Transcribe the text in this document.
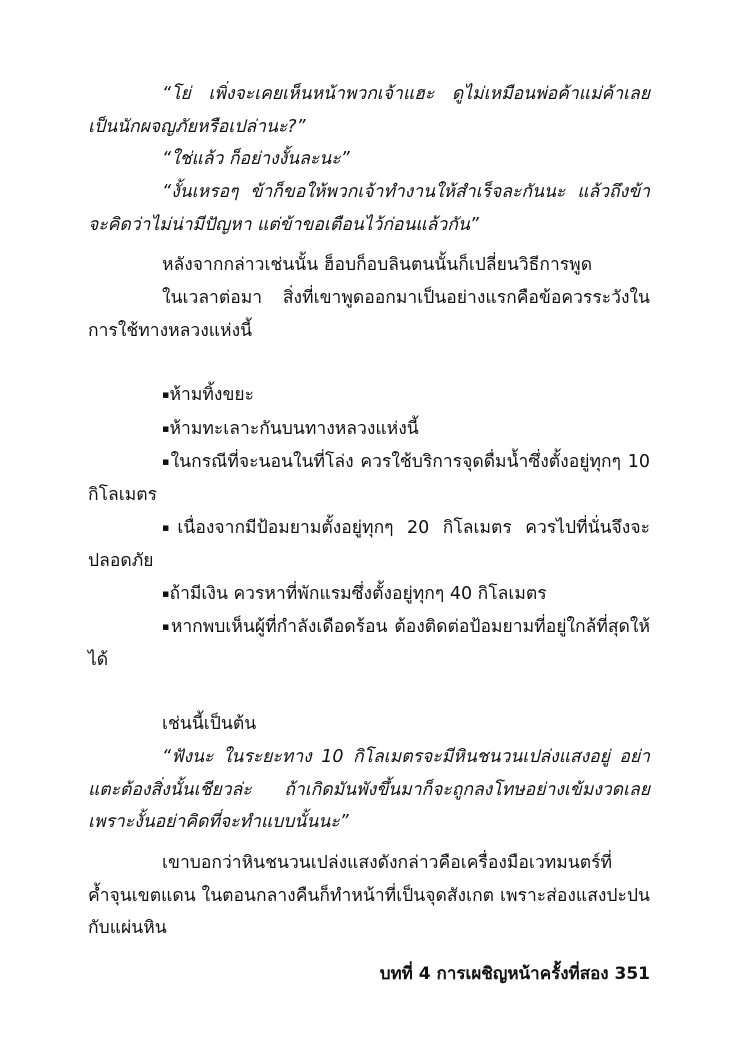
“โย่ เพิ่งจะเคยเห็นหน้าพวกเจ้าแฮะ ดูไม่เหมือนพ่อค้าแม่ค้าเลย เป็นนักผจญภัยหรือเปล่านะ?”

“ใช่แล้ว ก็อย่างงั้นละนะ”

“งั้นเหรอๆ ข้าก็ขอให้พวกเจ้าทำงานให้สำเร็จละกันนะ แล้วถึงข้าจะคิดว่าไม่น่ามีปัญหา แต่ข้าขอเตือนไว้ก่อนแล้วกัน”

หลังจากกล่าวเช่นนั้น ฮ็อบก็อบลินตนนั้นก็เปลี่ยนวิธีการพูด

ในเวลาต่อมา สิ่งที่เขาพูดออกมาเป็นอย่างแรกคือข้อควรระวังในการใช้ทางหลวงแห่งนี้

▪ห้ามทิ้งขยะ

▪ห้ามทะเลาะกันบนทางหลวงแห่งนี้

▪ในกรณีที่จะนอนในที่โล่ง ควรใช้บริการจุดดื่มน้ำซึ่งตั้งอยู่ทุกๆ 10 กิโลเมตร

▪เนื่องจากมีป้อมยามตั้งอยู่ทุกๆ 20 กิโลเมตร ควรไปที่นั่นจึงจะปลอดภัย

▪ถ้ามีเงิน ควรหาที่พักแรมซึ่งตั้งอยู่ทุกๆ 40 กิโลเมตร

▪หากพบเห็นผู้ที่กำลังเดือดร้อน ต้องติดต่อป้อมยามที่อยู่ใกล้ที่สุดให้ได้

เช่นนี้เป็นต้น

“ฟังนะ ในระยะทาง 10 กิโลเมตรจะมีหินชนวนเปล่งแสงอยู่ อย่าแตะต้องสิ่งนั้นเชียวล่ะ ถ้าเกิดมันพังขึ้นมาก็จะถูกลงโทษอย่างเข้มงวดเลย เพราะงั้นอย่าคิดที่จะทำแบบนั้นนะ”

เขาบอกว่าหินชนวนเปล่งแสงดังกล่าวคือเครื่องมือเวทมนตร์ที่ค้ำจุนเขตแดน ในตอนกลางคืนก็ทำหน้าที่เป็นจุดสังเกต เพราะส่องแสงปะปนกับแผ่นหิน

บทที่ 4 การเผชิญหน้าครั้งที่สอง 351
